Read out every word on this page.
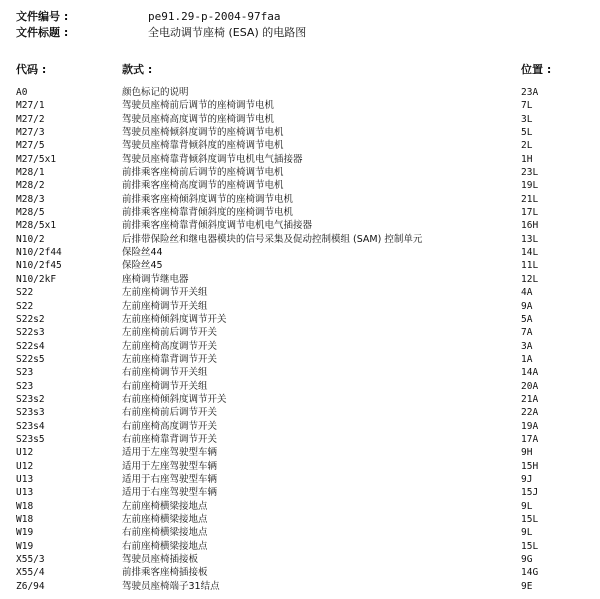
文件编号 :	pe91.29-p-2004-97faa
文件标题 :	全电动调节座椅 (ESA) 的电路图
代码 :	款式 :	位置 :
A0	颜色标记的说明	23A
M27/1	驾驶员座椅前后调节的座椅调节电机	7L
M27/2	驾驶员座椅高度调节的座椅调节电机	3L
M27/3	驾驶员座椅倾斜度调节的座椅调节电机	5L
M27/5	驾驶员座椅靠背倾斜度的座椅调节电机	2L
M27/5x1	驾驶员座椅靠背倾斜度调节电机电气插接器	1H
M28/1	前排乘客座椅前后调节的座椅调节电机	23L
M28/2	前排乘客座椅高度调节的座椅调节电机	19L
M28/3	前排乘客座椅倾斜度调节的座椅调节电机	21L
M28/5	前排乘客座椅靠背倾斜度的座椅调节电机	17L
M28/5x1	前排乘客座椅靠背倾斜度调节电机电气插接器	16H
N10/2	后排带保险丝和继电器模块的信号采集及促动控制模组 (SAM) 控制单元	13L
N10/2f44	保险丝44	14L
N10/2f45	保险丝45	11L
N10/2kF	座椅调节继电器	12L
S22	左前座椅调节开关组	4A
S22	左前座椅调节开关组	9A
S22s2	左前座椅倾斜度调节开关	5A
S22s3	左前座椅前后调节开关	7A
S22s4	左前座椅高度调节开关	3A
S22s5	左前座椅靠背调节开关	1A
S23	右前座椅调节开关组	14A
S23	右前座椅调节开关组	20A
S23s2	右前座椅倾斜度调节开关	21A
S23s3	右前座椅前后调节开关	22A
S23s4	右前座椅高度调节开关	19A
S23s5	右前座椅靠背调节开关	17A
U12	适用于左座驾驶型车辆	9H
U12	适用于左座驾驶型车辆	15H
U13	适用于右座驾驶型车辆	9J
U13	适用于右座驾驶型车辆	15J
W18	左前座椅横梁接地点	9L
W18	左前座椅横梁接地点	15L
W19	右前座椅横梁接地点	9L
W19	右前座椅横梁接地点	15L
X55/3	驾驶员座椅插接板	9G
X55/4	前排乘客座椅插接板	14G
Z6/94	驾驶员座椅端子31结点	9E
